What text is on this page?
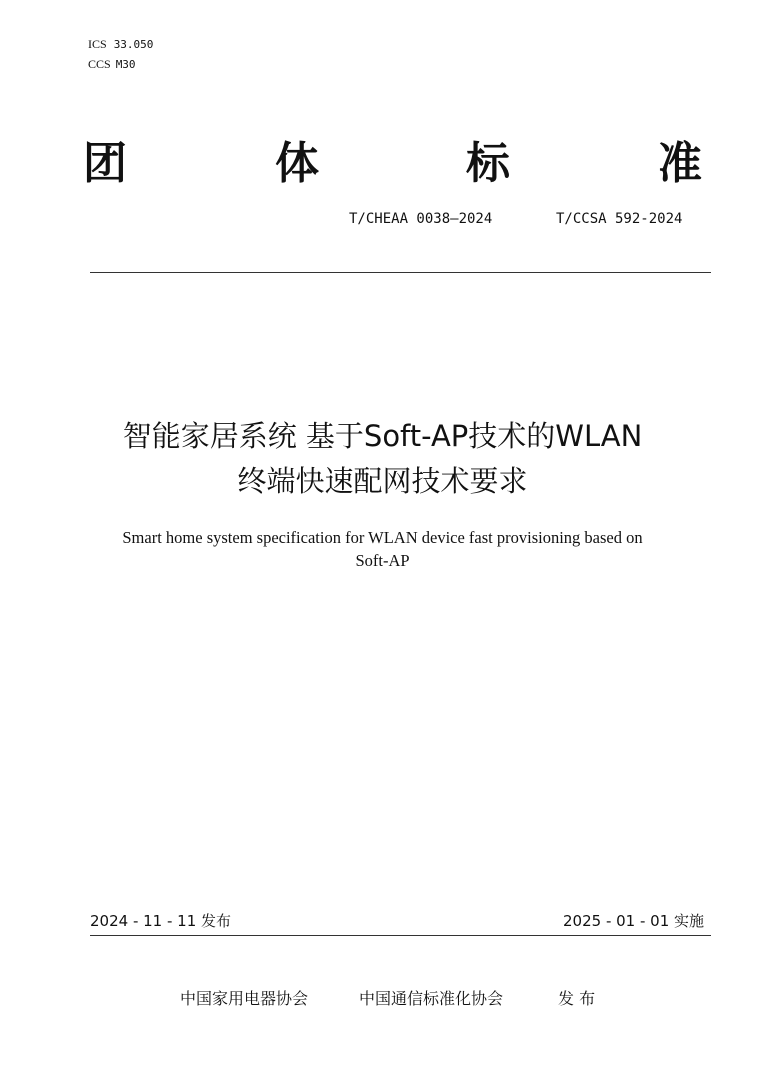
ICS 33.050
CCS M30
团	体	标	准
T/CHEAA 0038—2024	T/CCSA 592-2024
智能家居系统 基于Soft-AP技术的WLAN
终端快速配网技术要求
Smart home system specification for WLAN device fast provisioning based on
Soft-AP
2024 - 11 - 11 发布	2025 - 01 - 01 实施
中国家用电器协会	中国通信标准化协会	发 布
